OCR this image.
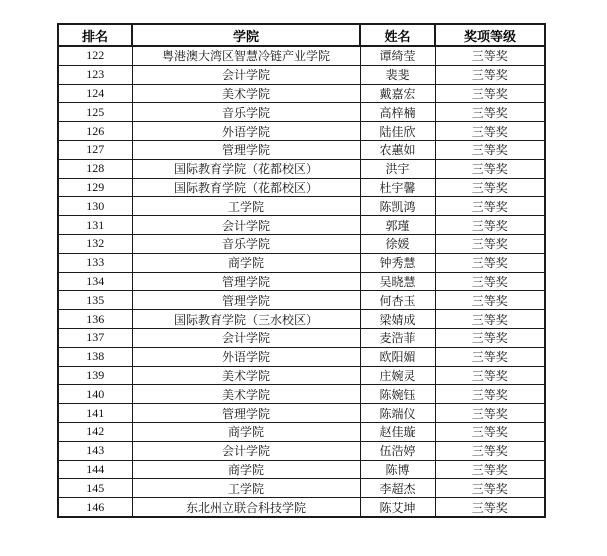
排名	学院	姓名	奖项等级
122	粤港澳大湾区智慧冷链产业学院	谭绮莹	三等奖
123	会计学院	裴斐	三等奖
124	美术学院	戴嘉宏	三等奖
125	音乐学院	高梓楠	三等奖
126	外语学院	陆佳欣	三等奖
127	管理学院	农蕙如	三等奖
128	国际教育学院（花都校区）	洪宇	三等奖
129	国际教育学院（花都校区）	杜宇馨	三等奖
130	工学院	陈凯鸿	三等奖
131	会计学院	郭瑾	三等奖
132	音乐学院	徐媛	三等奖
133	商学院	钟秀慧	三等奖
134	管理学院	吴晓慧	三等奖
135	管理学院	何杏玉	三等奖
136	国际教育学院（三水校区）	梁婧成	三等奖
137	会计学院	麦浩菲	三等奖
138	外语学院	欧阳媚	三等奖
139	美术学院	庄婉灵	三等奖
140	美术学院	陈婉钰	三等奖
141	管理学院	陈端仪	三等奖
142	商学院	赵佳璇	三等奖
143	会计学院	伍浩婷	三等奖
144	商学院	陈博	三等奖
145	工学院	李超杰	三等奖
146	东北州立联合科技学院	陈艾坤	三等奖
